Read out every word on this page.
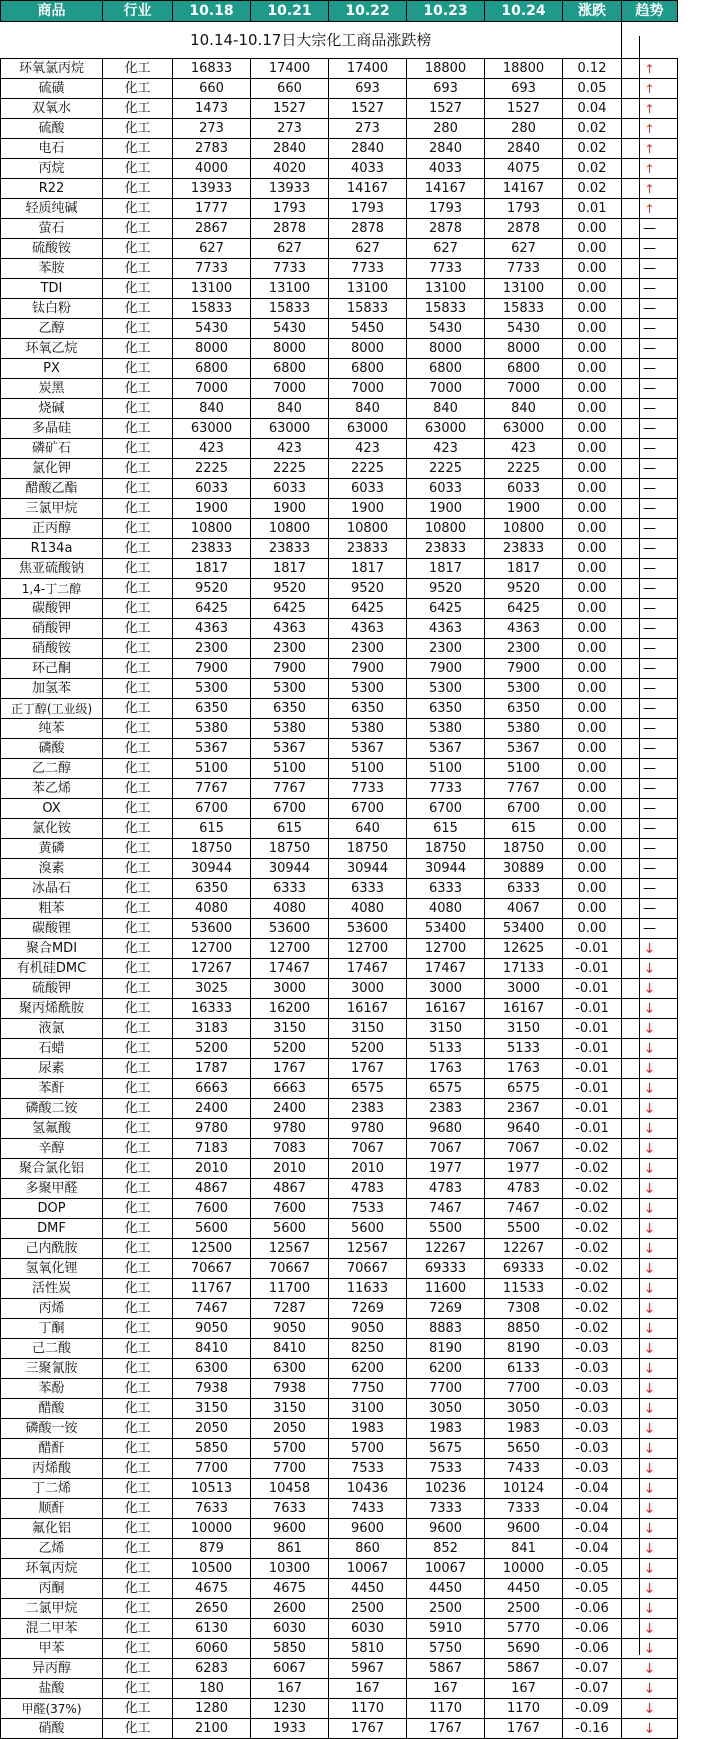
10.14-10.17日大宗化工商品涨跌榜								
商品	行业	10.18	10.21	10.22	10.23	10.24	涨跌	趋势
环氧氯丙烷	化工	16833	17400	17400	18800	18800	0.12	↑
硫磺	化工	660	660	693	693	693	0.05	↑
双氧水	化工	1473	1527	1527	1527	1527	0.04	↑
硫酸	化工	273	273	273	280	280	0.02	↑
电石	化工	2783	2840	2840	2840	2840	0.02	↑
丙烷	化工	4000	4020	4033	4033	4075	0.02	↑
R22	化工	13933	13933	14167	14167	14167	0.02	↑
轻质纯碱	化工	1777	1793	1793	1793	1793	0.01	↑
萤石	化工	2867	2878	2878	2878	2878	0.00	—
硫酸铵	化工	627	627	627	627	627	0.00	—
苯胺	化工	7733	7733	7733	7733	7733	0.00	—
TDI	化工	13100	13100	13100	13100	13100	0.00	—
钛白粉	化工	15833	15833	15833	15833	15833	0.00	—
乙醇	化工	5430	5430	5450	5430	5430	0.00	—
环氧乙烷	化工	8000	8000	8000	8000	8000	0.00	—
PX	化工	6800	6800	6800	6800	6800	0.00	—
炭黑	化工	7000	7000	7000	7000	7000	0.00	—
烧碱	化工	840	840	840	840	840	0.00	—
多晶硅	化工	63000	63000	63000	63000	63000	0.00	—
磷矿石	化工	423	423	423	423	423	0.00	—
氯化钾	化工	2225	2225	2225	2225	2225	0.00	—
醋酸乙酯	化工	6033	6033	6033	6033	6033	0.00	—
三氯甲烷	化工	1900	1900	1900	1900	1900	0.00	—
正丙醇	化工	10800	10800	10800	10800	10800	0.00	—
R134a	化工	23833	23833	23833	23833	23833	0.00	—
焦亚硫酸钠	化工	1817	1817	1817	1817	1817	0.00	—
1,4-丁二醇	化工	9520	9520	9520	9520	9520	0.00	—
碳酸钾	化工	6425	6425	6425	6425	6425	0.00	—
硝酸钾	化工	4363	4363	4363	4363	4363	0.00	—
硝酸铵	化工	2300	2300	2300	2300	2300	0.00	—
环己酮	化工	7900	7900	7900	7900	7900	0.00	—
加氢苯	化工	5300	5300	5300	5300	5300	0.00	—
正丁醇(工业级)	化工	6350	6350	6350	6350	6350	0.00	—
纯苯	化工	5380	5380	5380	5380	5380	0.00	—
磷酸	化工	5367	5367	5367	5367	5367	0.00	—
乙二醇	化工	5100	5100	5100	5100	5100	0.00	—
苯乙烯	化工	7767	7767	7733	7733	7767	0.00	—
OX	化工	6700	6700	6700	6700	6700	0.00	—
氯化铵	化工	615	615	640	615	615	0.00	—
黄磷	化工	18750	18750	18750	18750	18750	0.00	—
溴素	化工	30944	30944	30944	30944	30889	0.00	—
冰晶石	化工	6350	6333	6333	6333	6333	0.00	—
粗苯	化工	4080	4080	4080	4080	4067	0.00	—
碳酸锂	化工	53600	53600	53600	53400	53400	0.00	—
聚合MDI	化工	12700	12700	12700	12700	12625	-0.01	↓
有机硅DMC	化工	17267	17467	17467	17467	17133	-0.01	↓
硫酸钾	化工	3025	3000	3000	3000	3000	-0.01	↓
聚丙烯酰胺	化工	16333	16200	16167	16167	16167	-0.01	↓
液氯	化工	3183	3150	3150	3150	3150	-0.01	↓
石蜡	化工	5200	5200	5200	5133	5133	-0.01	↓
尿素	化工	1787	1767	1767	1763	1763	-0.01	↓
苯酐	化工	6663	6663	6575	6575	6575	-0.01	↓
磷酸二铵	化工	2400	2400	2383	2383	2367	-0.01	↓
氢氟酸	化工	9780	9780	9780	9680	9640	-0.01	↓
辛醇	化工	7183	7083	7067	7067	7067	-0.02	↓
聚合氯化铝	化工	2010	2010	2010	1977	1977	-0.02	↓
多聚甲醛	化工	4867	4867	4783	4783	4783	-0.02	↓
DOP	化工	7600	7600	7533	7467	7467	-0.02	↓
DMF	化工	5600	5600	5600	5500	5500	-0.02	↓
己内酰胺	化工	12500	12567	12567	12267	12267	-0.02	↓
氢氧化锂	化工	70667	70667	70667	69333	69333	-0.02	↓
活性炭	化工	11767	11700	11633	11600	11533	-0.02	↓
丙烯	化工	7467	7287	7269	7269	7308	-0.02	↓
丁酮	化工	9050	9050	9050	8883	8850	-0.02	↓
己二酸	化工	8410	8410	8250	8190	8190	-0.03	↓
三聚氰胺	化工	6300	6300	6200	6200	6133	-0.03	↓
苯酚	化工	7938	7938	7750	7700	7700	-0.03	↓
醋酸	化工	3150	3150	3100	3050	3050	-0.03	↓
磷酸一铵	化工	2050	2050	1983	1983	1983	-0.03	↓
醋酐	化工	5850	5700	5700	5675	5650	-0.03	↓
丙烯酸	化工	7700	7700	7533	7533	7433	-0.03	↓
丁二烯	化工	10513	10458	10436	10236	10124	-0.04	↓
顺酐	化工	7633	7633	7433	7333	7333	-0.04	↓
氟化铝	化工	10000	9600	9600	9600	9600	-0.04	↓
乙烯	化工	879	861	860	852	841	-0.04	↓
环氧丙烷	化工	10500	10300	10067	10067	10000	-0.05	↓
丙酮	化工	4675	4675	4450	4450	4450	-0.05	↓
二氯甲烷	化工	2650	2600	2500	2500	2500	-0.06	↓
混二甲苯	化工	6130	6030	6030	5910	5770	-0.06	↓
甲苯	化工	6060	5850	5810	5750	5690	-0.06	↓
异丙醇	化工	6283	6067	5967	5867	5867	-0.07	↓
盐酸	化工	180	167	167	167	167	-0.07	↓
甲醛(37%)	化工	1280	1230	1170	1170	1170	-0.09	↓
硝酸	化工	2100	1933	1767	1767	1767	-0.16	↓
